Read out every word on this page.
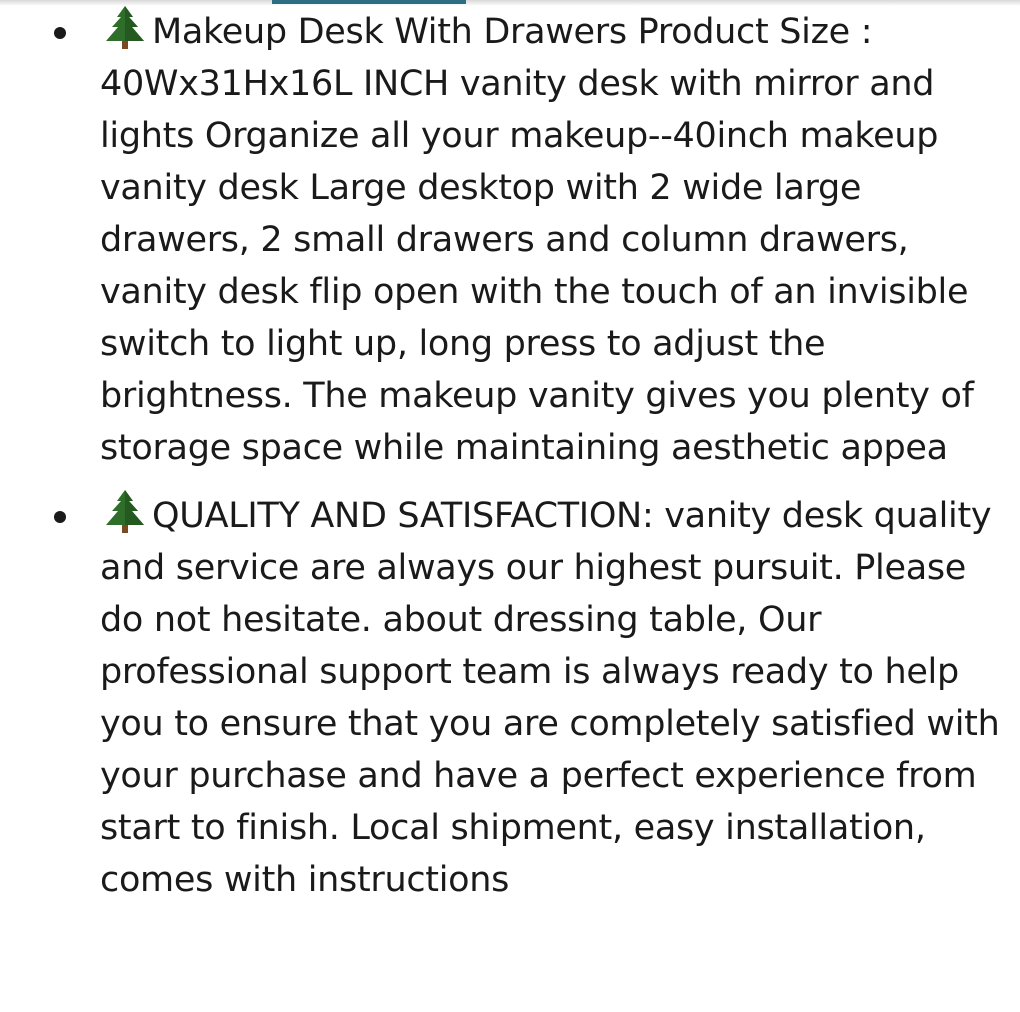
Makeup Desk With Drawers Product Size : 40Wx31Hx16L INCH vanity desk with mirror and lights Organize all your makeup--40inch makeup vanity desk Large desktop with 2 wide large drawers, 2 small drawers and column drawers, vanity desk flip open with the touch of an invisible switch to light up, long press to adjust the brightness. The makeup vanity gives you plenty of storage space while maintaining aesthetic appea
QUALITY AND SATISFACTION: vanity desk quality and service are always our highest pursuit. Please do not hesitate. about dressing table, Our professional support team is always ready to help you to ensure that you are completely satisfied with your purchase and have a perfect experience from start to finish. Local shipment, easy installation, comes with instructions
